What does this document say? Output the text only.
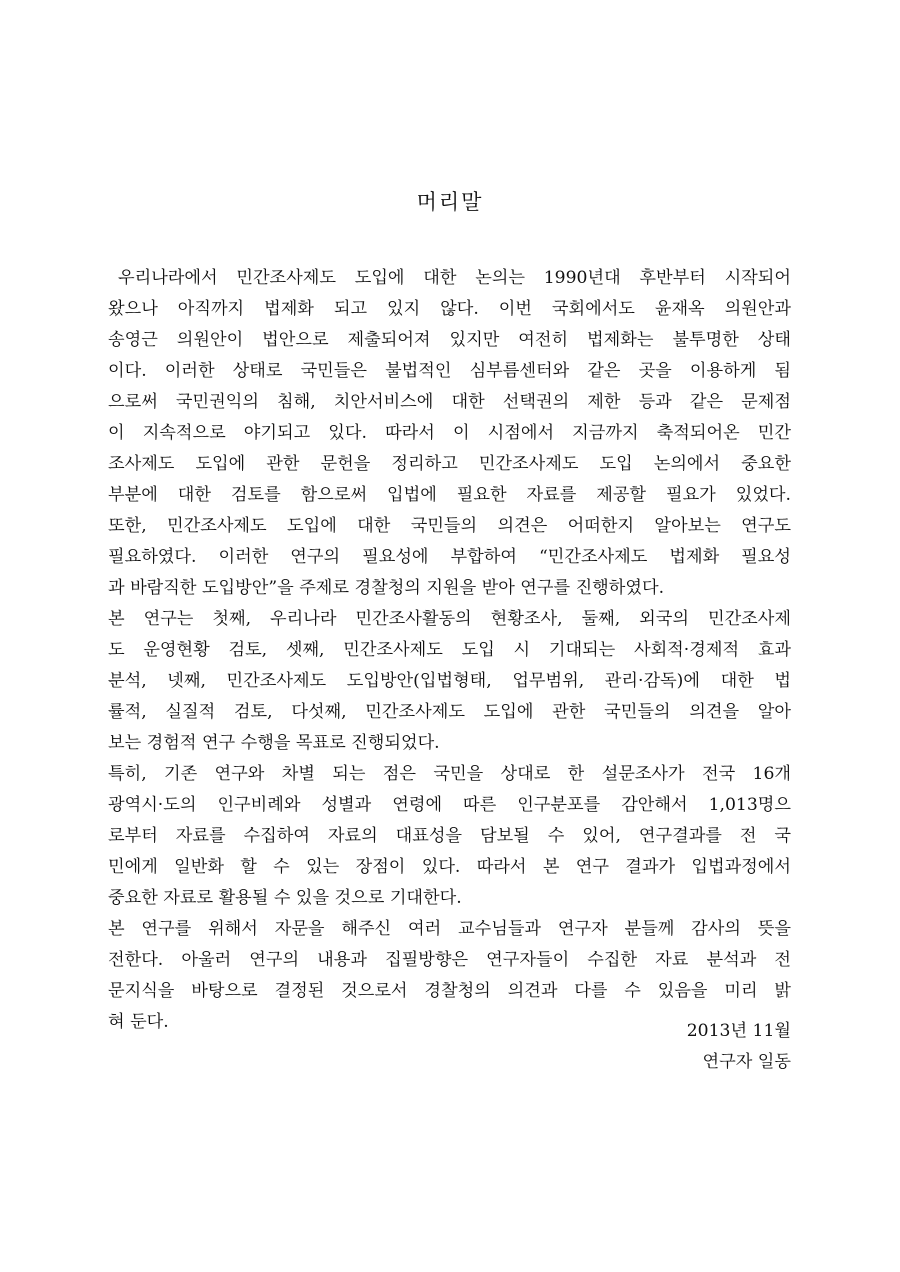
머리말
우리나라에서 민간조사제도 도입에 대한 논의는 1990년대 후반부터 시작되어
왔으나 아직까지 법제화 되고 있지 않다. 이번 국회에서도 윤재옥 의원안과
송영근 의원안이 법안으로 제출되어져 있지만 여전히 법제화는 불투명한 상태
이다. 이러한 상태로 국민들은 불법적인 심부름센터와 같은 곳을 이용하게 됨
으로써 국민권익의 침해, 치안서비스에 대한 선택권의 제한 등과 같은 문제점
이 지속적으로 야기되고 있다. 따라서 이 시점에서 지금까지 축적되어온 민간
조사제도 도입에 관한 문헌을 정리하고 민간조사제도 도입 논의에서 중요한
부분에 대한 검토를 함으로써 입법에 필요한 자료를 제공할 필요가 있었다.
또한, 민간조사제도 도입에 대한 국민들의 의견은 어떠한지 알아보는 연구도
필요하였다. 이러한 연구의 필요성에 부합하여 “민간조사제도 법제화 필요성
과 바람직한 도입방안”을 주제로 경찰청의 지원을 받아 연구를 진행하였다.
본 연구는 첫째, 우리나라 민간조사활동의 현황조사, 둘째, 외국의 민간조사제
도 운영현황 검토, 셋째, 민간조사제도 도입 시 기대되는 사회적·경제적 효과
분석, 넷째, 민간조사제도 도입방안(입법형태, 업무범위, 관리·감독)에 대한 법
률적, 실질적 검토, 다섯째, 민간조사제도 도입에 관한 국민들의 의견을 알아
보는 경험적 연구 수행을 목표로 진행되었다.
특히, 기존 연구와 차별 되는 점은 국민을 상대로 한 설문조사가 전국 16개
광역시·도의 인구비례와 성별과 연령에 따른 인구분포를 감안해서 1,013명으
로부터 자료를 수집하여 자료의 대표성을 담보될 수 있어, 연구결과를 전 국
민에게 일반화 할 수 있는 장점이 있다. 따라서 본 연구 결과가 입법과정에서
중요한 자료로 활용될 수 있을 것으로 기대한다.
본 연구를 위해서 자문을 해주신 여러 교수님들과 연구자 분들께 감사의 뜻을
전한다. 아울러 연구의 내용과 집필방향은 연구자들이 수집한 자료 분석과 전
문지식을 바탕으로 결정된 것으로서 경찰청의 의견과 다를 수 있음을 미리 밝
혀 둔다.	2013년 11월
연구자 일동
